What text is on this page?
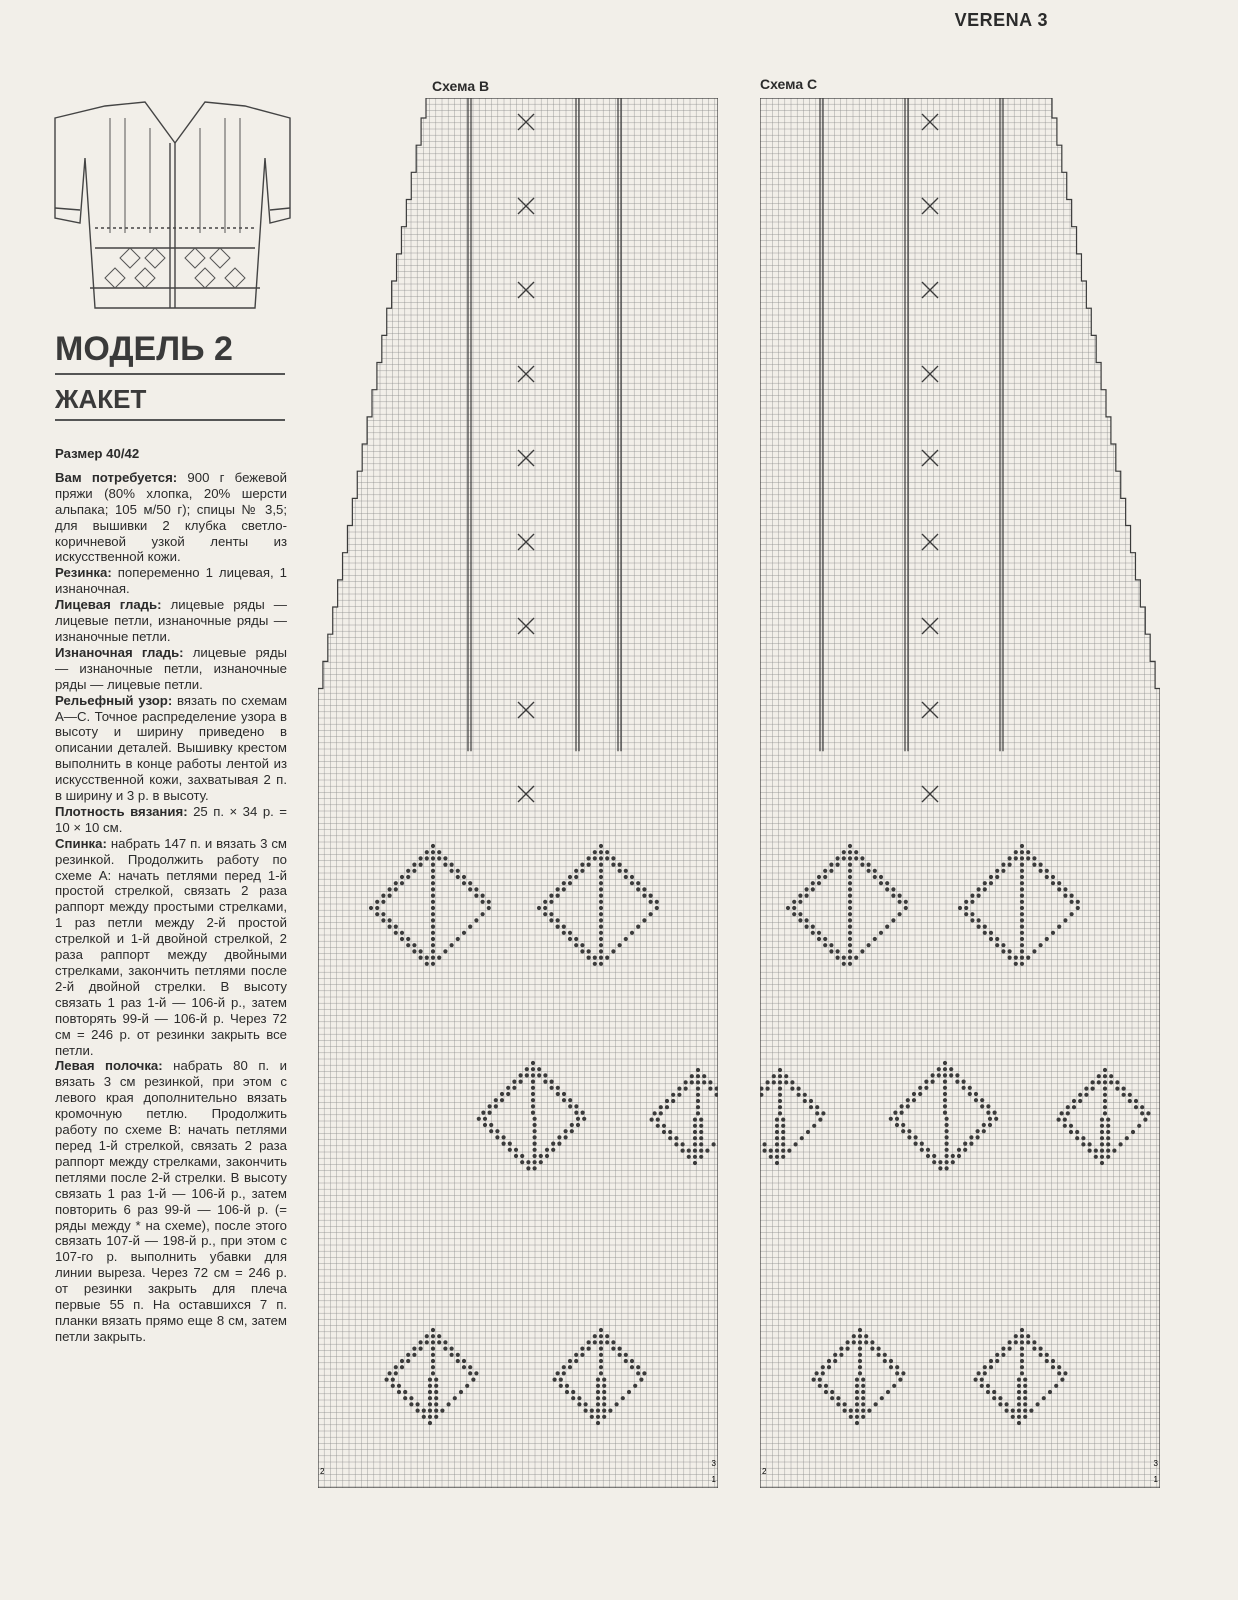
VERENA 3
МОДЕЛЬ 2
ЖАКЕТ

Размер 40/42

Вам потребуется: 900 г бежевой пряжи (80% хлопка, 20% шерсти альпака; 105 м/50 г); спицы № 3,5; для вышивки 2 клубка светло-коричневой узкой ленты из искусственной кожи.

Резинка: попеременно 1 лицевая, 1 изнаночная.

Лицевая гладь: лицевые ряды — лицевые петли, изнаночные ряды — изнаночные петли.

Изнаночная гладь: лицевые ряды — изнаночные петли, изнаночные ряды — лицевые петли.

Рельефный узор: вязать по схемам А—С. Точное распределение узора в высоту и ширину приведено в описании деталей. Вышивку крестом выполнить в конце работы лентой из искусственной кожи, захватывая 2 п. в ширину и 3 р. в высоту.

Плотность вязания: 25 п. × 34 р. = 10 × 10 см.

Спинка: набрать 147 п. и вязать 3 см резинкой. Продолжить работу по схеме А: начать петлями перед 1-й простой стрелкой, связать 2 раза раппорт между простыми стрелками, 1 раз петли между 2-й простой стрелкой и 1-й двойной стрелкой, 2 раза раппорт между двойными стрелками, закончить петлями после 2-й двойной стрелки. В высоту связать 1 раз 1-й — 106-й р., затем повторять 99-й — 106-й р. Через 72 см = 246 р. от резинки закрыть все петли.

Левая полочка: набрать 80 п. и вязать 3 см резинкой, при этом с левого края дополнительно вязать кромочную петлю. Продолжить работу по схеме В: начать петлями перед 1-й стрелкой, связать 2 раза раппорт между стрелками, закончить петлями после 2-й стрелки. В высоту связать 1 раз 1-й — 106-й р., затем повторить 6 раз 99-й — 106-й р. (= ряды между * на схеме), после этого связать 107-й — 198-й р., при этом с 107-го р. выполнить убавки для линии выреза. Через 72 см = 246 р. от резинки закрыть для плеча первые 55 п. На оставшихся 7 п. планки вязать прямо еще 8 см, затем петли закрыть.

Схема В	Схема С
3
1
2
3
1
2
